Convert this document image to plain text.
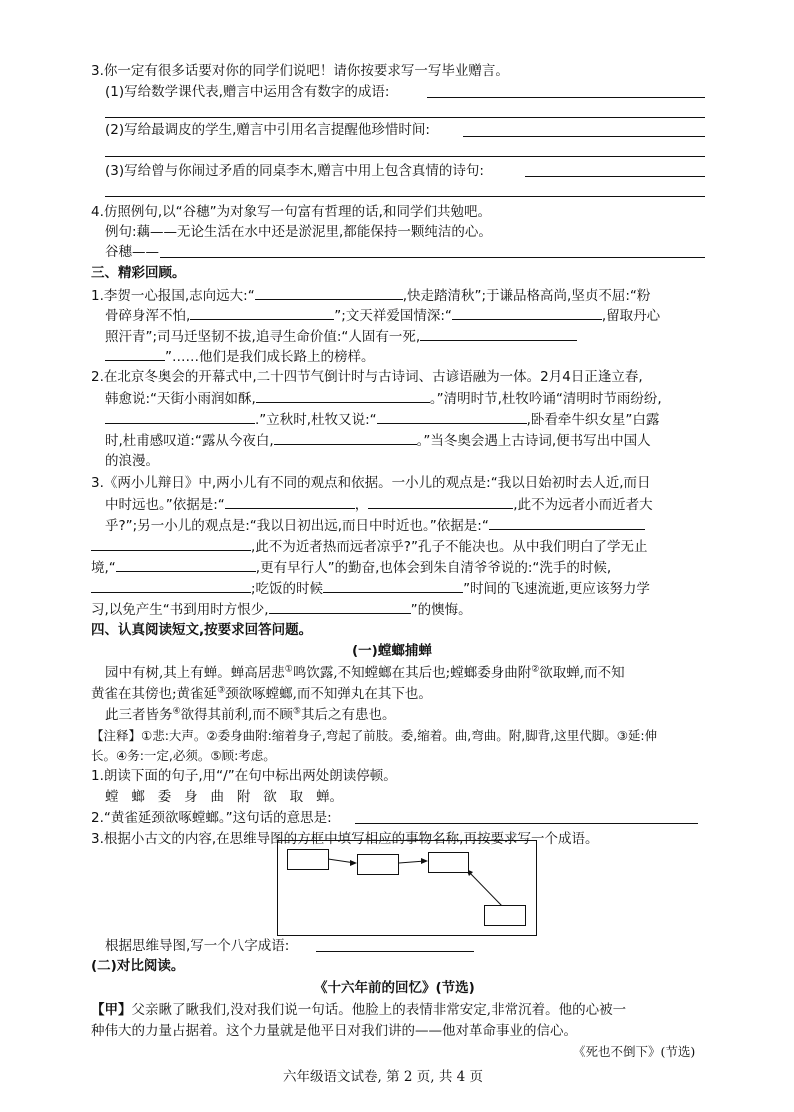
3.你一定有很多话要对你的同学们说吧！请你按要求写一写毕业赠言。
(1)写给数学课代表,赠言中运用含有数字的成语:
(2)写给最调皮的学生,赠言中引用名言提醒他珍惜时间:
(3)写给曾与你闹过矛盾的同桌李木,赠言中用上包含真情的诗句:
4.仿照例句,以“谷穗”为对象写一句富有哲理的话,和同学们共勉吧。
例句:藕——无论生活在水中还是淤泥里,都能保持一颗纯洁的心。
谷穗——
三、精彩回顾。
1.李贺一心报国,志向远大:“	,快走踏清秋”;于谦品格高尚,坚贞不屈:“粉
骨碎身浑不怕,	”;文天祥爱国情深:“	,留取丹心
照汗青”;司马迁坚韧不拔,追寻生命价值:“人固有一死,
”……他们是我们成长路上的榜样。
2.在北京冬奥会的开幕式中,二十四节气倒计时与古诗词、古谚语融为一体。2月4日正逢立春,
韩愈说:“天街小雨润如酥,	。”清明时节,杜牧吟诵“清明时节雨纷纷,
.”立秋时,杜牧又说:“	,卧看牵牛织女星”白露
时,杜甫感叹道:“露从今夜白,	。”当冬奥会遇上古诗词,便书写出中国人
的浪漫。
3.《两小儿辩日》中,两小儿有不同的观点和依据。一小儿的观点是:“我以日始初时去人近,而日
中时远也。”依据是:“	，	,此不为远者小而近者大
乎?”;另一小儿的观点是:“我以日初出远,而日中时近也。”依据是:“
,此不为近者热而远者凉乎?”孔子不能决也。从中我们明白了学无止
境,“	,更有早行人”的勤奋,也体会到朱自清爷爷说的:“洗手的时候,
;吃饭的时候	”时间的飞速流逝,更应该努力学
习,以免产生“书到用时方恨少,	”的懊悔。
四、认真阅读短文,按要求回答问题。
(一)螳螂捕蝉
园中有树,其上有蝉。蝉高居悲①鸣饮露,不知螳螂在其后也;螳螂委身曲附②欲取蝉,而不知
黄雀在其傍也;黄雀延③颈欲啄螳螂,而不知弹丸在其下也。
此三者皆务④欲得其前利,而不顾⑤其后之有患也。
【注释】①悲:大声。②委身曲附:缩着身子,弯起了前肢。委,缩着。曲,弯曲。附,脚背,这里代脚。③延:伸
长。④务:一定,必须。⑤顾:考虑。
1.朗读下面的句子,用“/”在句中标出两处朗读停顿。
螳 螂 委 身 曲 附 欲 取 蝉。
2.“黄雀延颈欲啄螳螂。”这句话的意思是:
3.根据小古文的内容,在思维导图的方框中填写相应的事物名称,再按要求写一个成语。
根据思维导图,写一个八字成语:
(二)对比阅读。
《十六年前的回忆》(节选)
【甲】父亲瞅了瞅我们,没对我们说一句话。他脸上的表情非常安定,非常沉着。他的心被一
种伟大的力量占据着。这个力量就是他平日对我们讲的——他对革命事业的信心。
《死也不倒下》(节选)
六年级语文试卷, 第 2 页, 共 4 页
